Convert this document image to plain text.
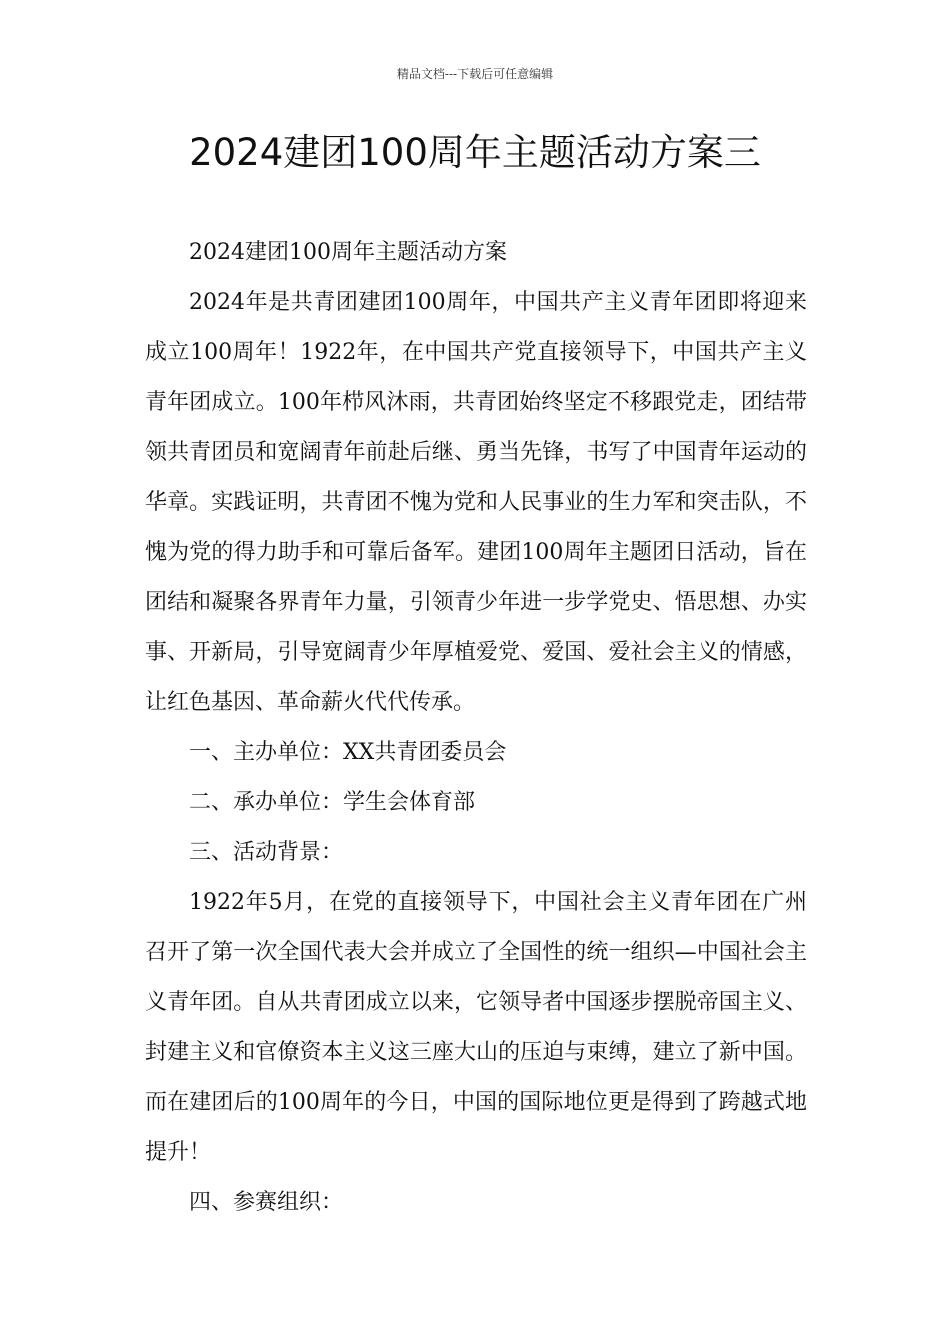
精品文档---下载后可任意编辑
2024建团100周年主题活动方案三

2024建团100周年主题活动方案

2024年是共青团建团100周年，中国共产主义青年团即将迎来成立100周年！1922年，在中国共产党直接领导下，中国共产主义青年团成立。100年栉风沐雨，共青团始终坚定不移跟党走，团结带领共青团员和宽阔青年前赴后继、勇当先锋，书写了中国青年运动的华章。实践证明，共青团不愧为党和人民事业的生力军和突击队，不愧为党的得力助手和可靠后备军。建团100周年主题团日活动，旨在团结和凝聚各界青年力量，引领青少年进一步学党史、悟思想、办实事、开新局，引导宽阔青少年厚植爱党、爱国、爱社会主义的情感，让红色基因、革命薪火代代传承。

一、主办单位：XX共青团委员会

二、承办单位：学生会体育部

三、活动背景：

1922年5月，在党的直接领导下，中国社会主义青年团在广州召开了第一次全国代表大会并成立了全国性的统一组织—中国社会主义青年团。自从共青团成立以来，它领导者中国逐步摆脱帝国主义、封建主义和官僚资本主义这三座大山的压迫与束缚，建立了新中国。而在建团后的100周年的今日，中国的国际地位更是得到了跨越式地提升！

四、参赛组织：
